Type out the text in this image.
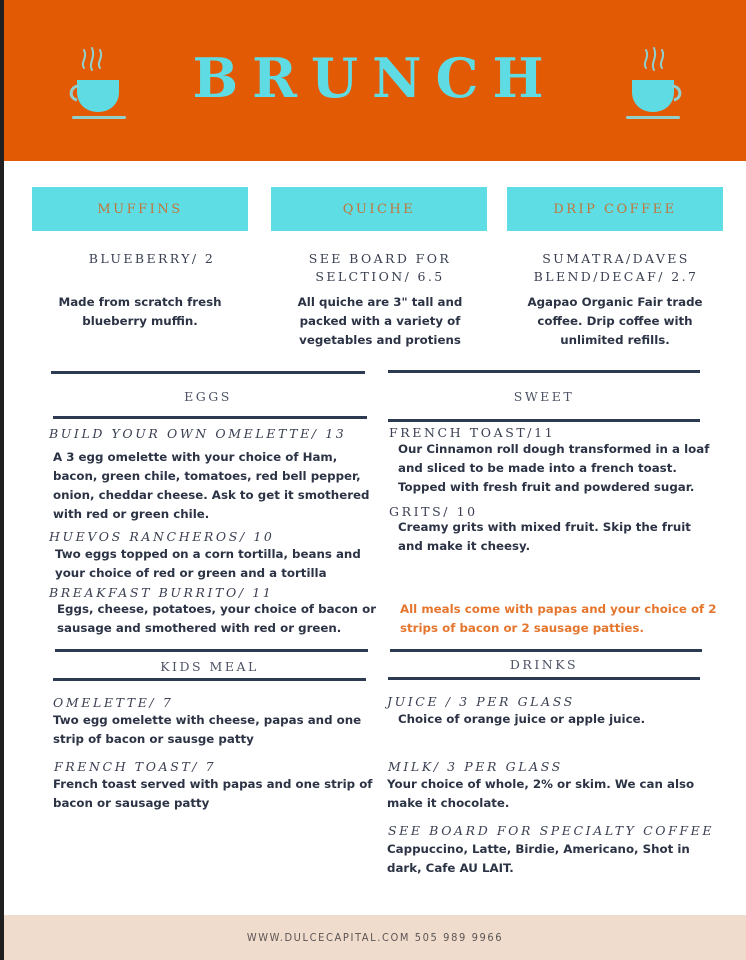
BRUNCH
MUFFINS	QUICHE	DRIP COFFEE
BLUEBERRY/ 2
Made from scratch fresh blueberry muffin.
SEE BOARD FOR SELCTION/ 6.5
All quiche are 3" tall and packed with a variety of vegetables and protiens
SUMATRA/DAVES BLEND/DECAF/ 2.7
Agapao Organic Fair trade coffee. Drip coffee with unlimited refills.
EGGS
BUILD YOUR OWN OMELETTE/ 13
A 3 egg omelette with your choice of Ham, bacon, green chile, tomatoes, red bell pepper, onion, cheddar cheese. Ask to get it smothered with red or green chile.
HUEVOS RANCHEROS/ 10
Two eggs topped on a corn tortilla, beans and your choice of red or green and a tortilla
BREAKFAST BURRITO/ 11
Eggs, cheese, potatoes, your choice of bacon or sausage and smothered with red or green.
SWEET
FRENCH TOAST/11
Our Cinnamon roll dough transformed in a loaf and sliced to be made into a french toast. Topped with fresh fruit and powdered sugar.
GRITS/ 10
Creamy grits with mixed fruit. Skip the fruit and make it cheesy.
All meals come with papas and your choice of 2 strips of bacon or 2 sausage patties.
KIDS MEAL
OMELETTE/ 7
Two egg omelette with cheese, papas and one strip of bacon or sausge patty
FRENCH TOAST/ 7
French toast served with papas and one strip of bacon or sausage patty
DRINKS
JUICE / 3 PER GLASS
Choice of orange juice or apple juice.
MILK/ 3 PER GLASS
Your choice of whole, 2% or skim. We can also make it chocolate.
SEE BOARD FOR SPECIALTY COFFEE
Cappuccino, Latte, Birdie, Americano, Shot in dark, Cafe AU LAIT.
WWW.DULCECAPITAL.COM 505 989 9966
